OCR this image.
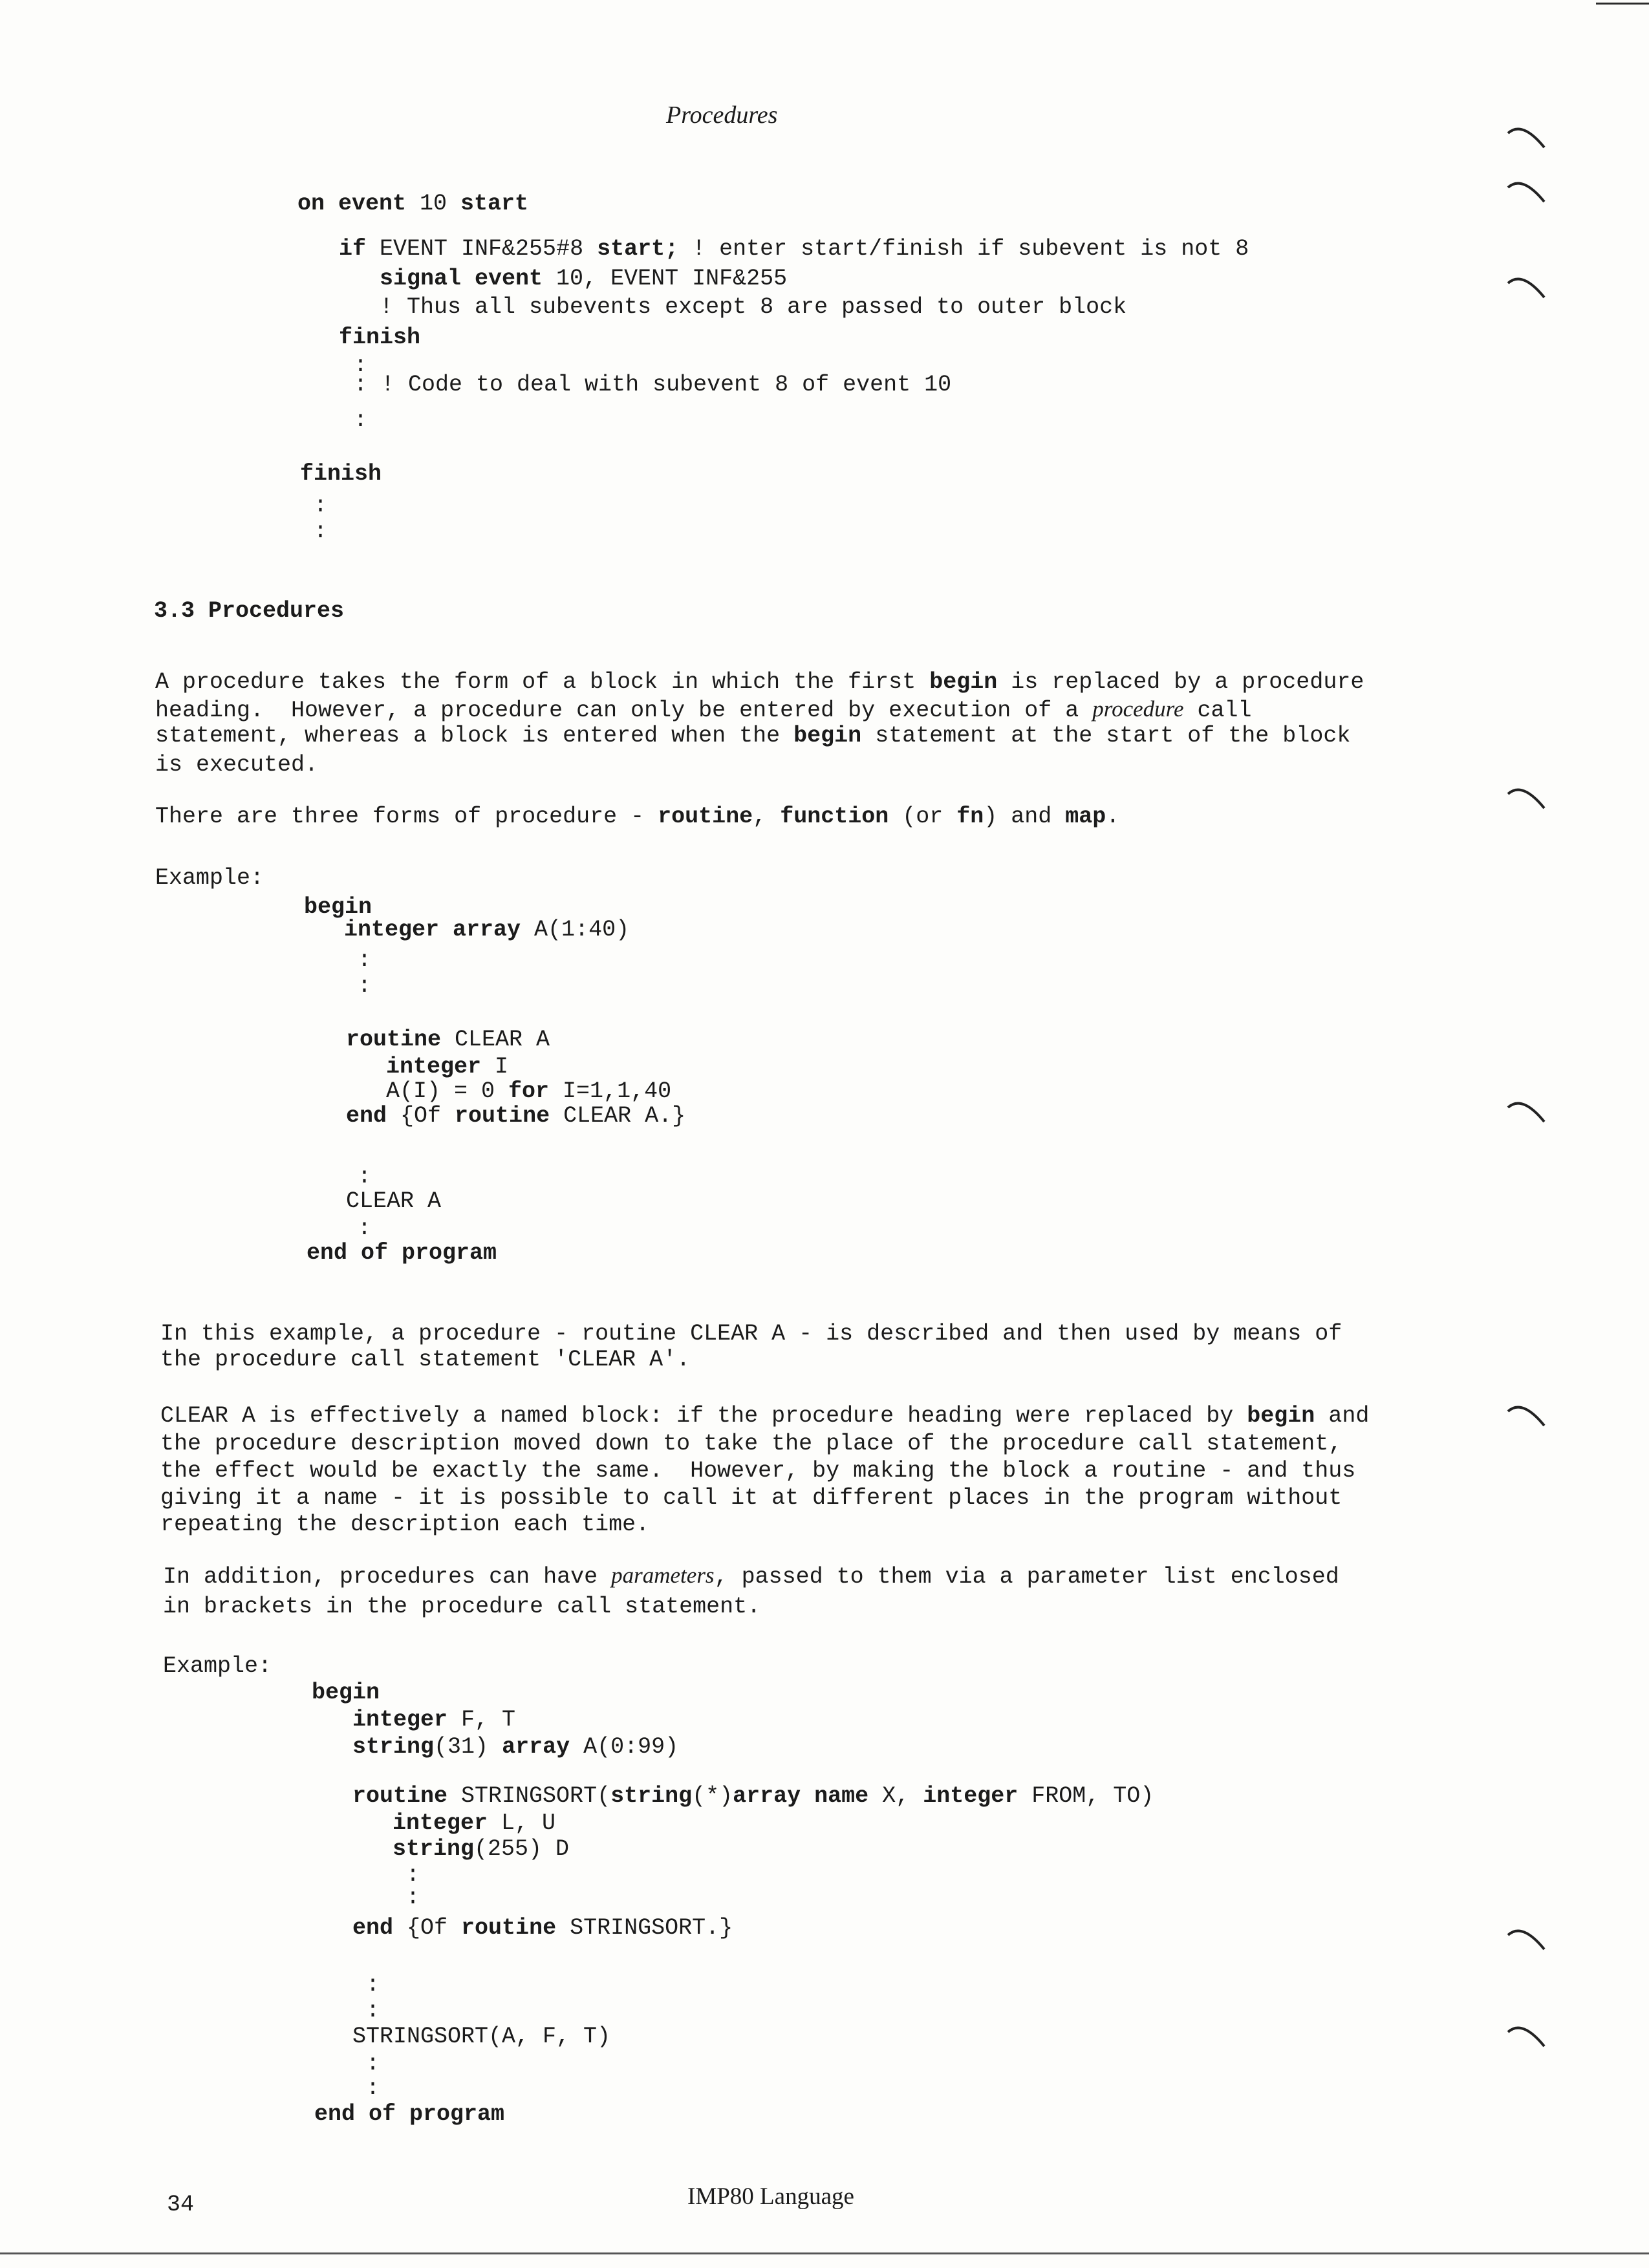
Procedures
on event 10 start
if EVENT INF&255#8 start; ! enter start/finish if subevent is not 8
signal event 10, EVENT INF&255
! Thus all subevents except 8 are passed to outer block
finish
:
: ! Code to deal with subevent 8 of event 10
:
finish
:
:
3.3 Procedures
A procedure takes the form of a block in which the first begin is replaced by a procedure
heading.  However, a procedure can only be entered by execution of a procedure call
statement, whereas a block is entered when the begin statement at the start of the block
is executed.
There are three forms of procedure - routine, function (or fn) and map.
Example:
begin
integer array A(1:40)
:
:
routine CLEAR A
integer I
A(I) = 0 for I=1,1,40
end {Of routine CLEAR A.}
:
CLEAR A
:
end of program
In this example, a procedure - routine CLEAR A - is described and then used by means of
the procedure call statement 'CLEAR A'.
CLEAR A is effectively a named block: if the procedure heading were replaced by begin and
the procedure description moved down to take the place of the procedure call statement,
the effect would be exactly the same.  However, by making the block a routine - and thus
giving it a name - it is possible to call it at different places in the program without
repeating the description each time.
In addition, procedures can have parameters, passed to them via a parameter list enclosed
in brackets in the procedure call statement.
Example:
begin
integer F, T
string(31) array A(0:99)
routine STRINGSORT(string(*)array name X, integer FROM, TO)
integer L, U
string(255) D
:
:
end {Of routine STRINGSORT.}
:
:
STRINGSORT(A, F, T)
:
:
end of program
34	IMP80 Language
